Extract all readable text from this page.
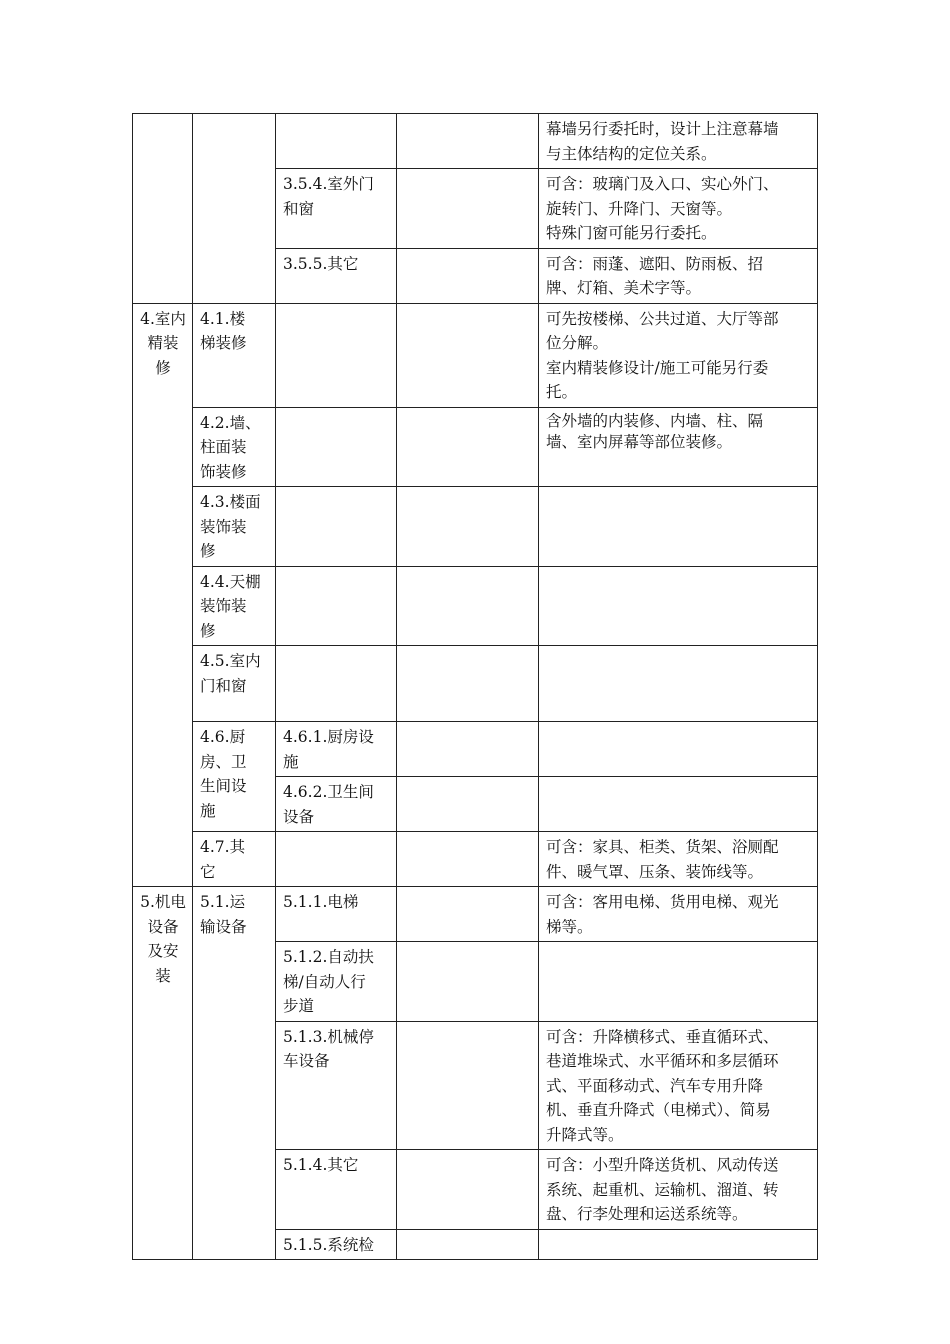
				幕墙另行委托时，设计上注意幕墙
与主体结构的定位关系。

		3.5.4.室外门
和窗		可含：玻璃门及入口、实心外门、
旋转门、升降门、天窗等。
特殊门窗可能另行委托。

		3.5.5.其它		可含：雨蓬、遮阳、防雨板、招
牌、灯箱、美术字等。

4.室内
精装
修	4.1.楼
梯装修			可先按楼梯、公共过道、大厅等部
位分解。
室内精装修设计/施工可能另行委
托。

	4.2.墙、
柱面装
饰装修			含外墙的内装修、内墙、柱、隔
墙、室内屏幕等部位装修。

	4.3.楼面
装饰装
修			

	4.4.天棚
装饰装
修			

	4.5.室内
门和窗			

	4.6.厨
房、卫
生间设
施	4.6.1.厨房设
施		

		4.6.2.卫生间
设备		

	4.7.其
它			可含：家具、柜类、货架、浴厕配
件、暖气罩、压条、装饰线等。

5.机电
设备
及安
装	5.1.运
输设备	5.1.1.电梯		可含：客用电梯、货用电梯、观光
梯等。

		5.1.2.自动扶
梯/自动人行
步道		

		5.1.3.机械停
车设备		可含：升降横移式、垂直循环式、
巷道堆垛式、水平循环和多层循环
式、平面移动式、汽车专用升降
机、垂直升降式（电梯式）、简易
升降式等。

		5.1.4.其它		可含：小型升降送货机、风动传送
系统、起重机、运输机、溜道、转
盘、行李处理和运送系统等。

		5.1.5.系统检		
